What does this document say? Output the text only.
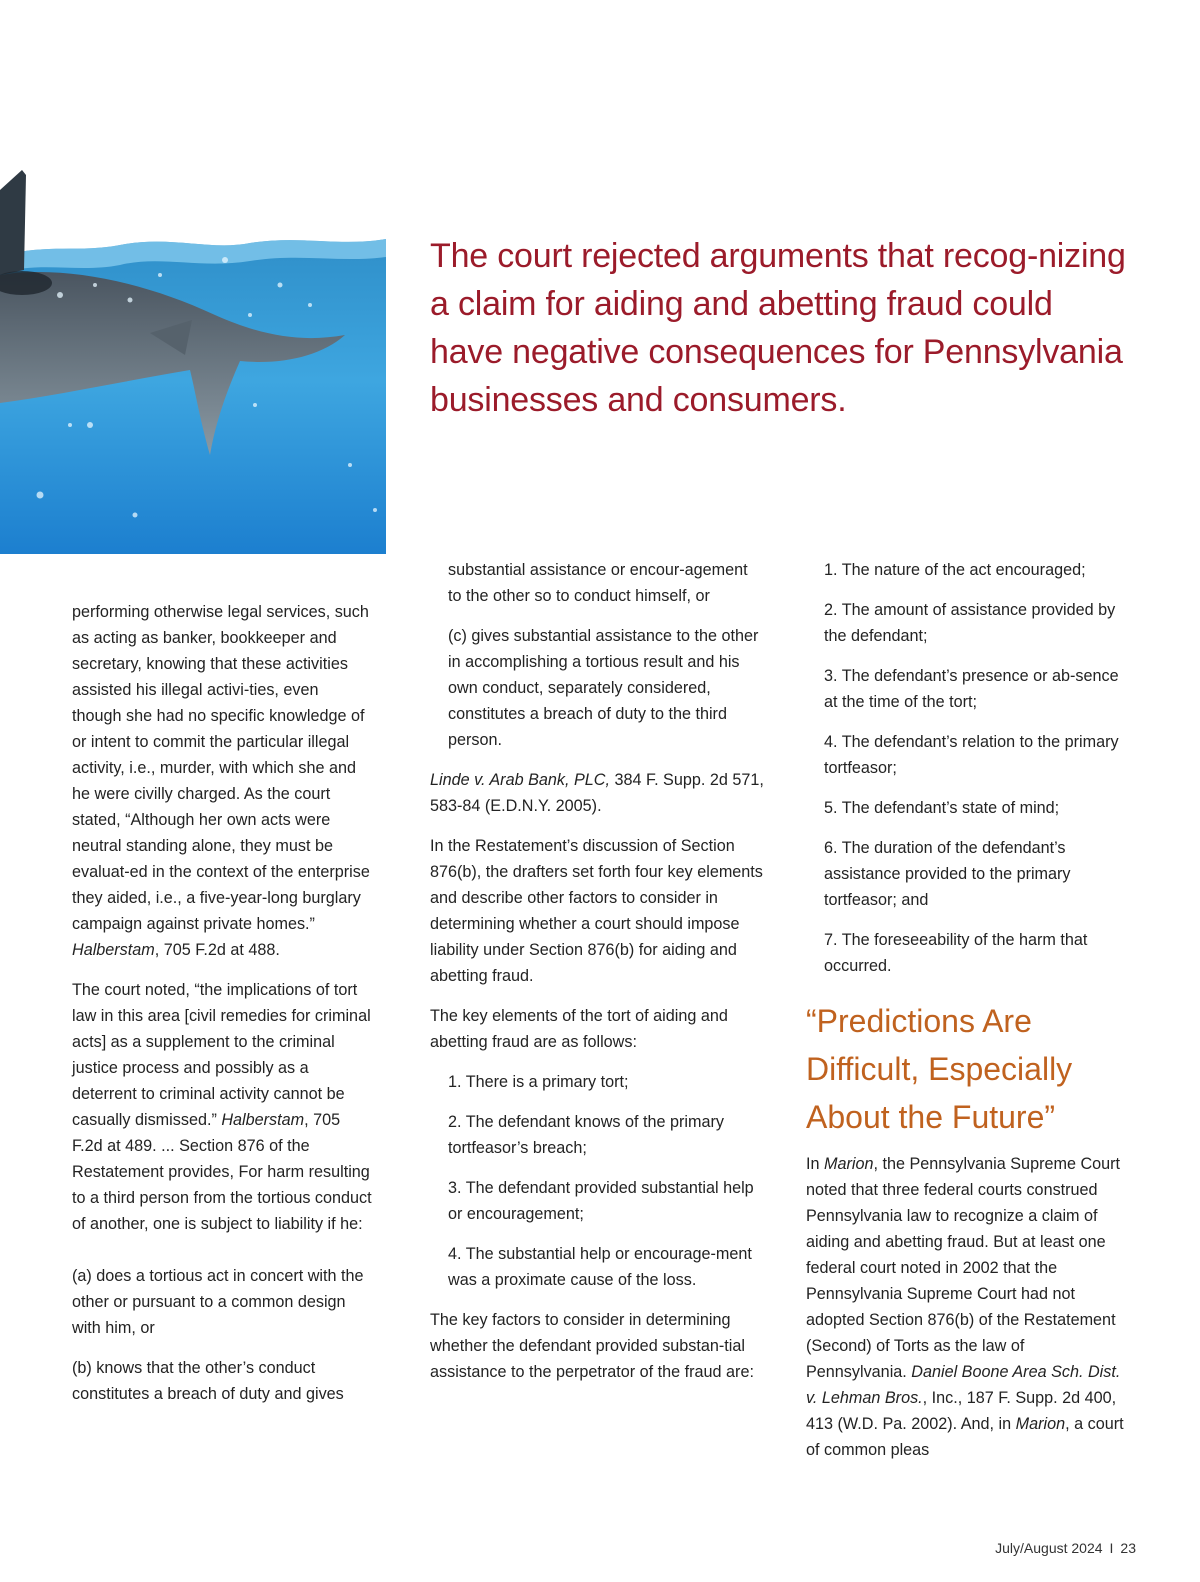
The court rejected arguments that recog-nizing a claim for aiding and abetting fraud could have negative consequences for Pennsylvania businesses and consumers.

performing otherwise legal services, such as acting as banker, bookkeeper and secretary, knowing that these activities assisted his illegal activi-ties, even though she had no specific knowledge of or intent to commit the particular illegal activity, i.e., murder, with which she and he were civilly charged. As the court stated, “Although her own acts were neutral standing alone, they must be evaluat-ed in the context of the enterprise they aided, i.e., a five-year-long burglary campaign against private homes.” Halberstam, 705 F.2d at 488.

The court noted, “the implications of tort law in this area [civil remedies for criminal acts] as a supplement to the criminal justice process and possibly as a deterrent to criminal activity cannot be casually dismissed.” Halberstam, 705 F.2d at 489. ... Section 876 of the Restatement provides, For harm resulting to a third person from the tortious conduct of another, one is subject to liability if he:

(a) does a tortious act in concert with the other or pursuant to a common design with him, or

(b) knows that the other’s conduct constitutes a breach of duty and gives

substantial assistance or encour-agement to the other so to conduct himself, or

(c) gives substantial assistance to the other in accomplishing a tortious result and his own conduct, separately considered, constitutes a breach of duty to the third person.

Linde v. Arab Bank, PLC, 384 F. Supp. 2d 571, 583-84 (E.D.N.Y. 2005).

In the Restatement’s discussion of Section 876(b), the drafters set forth four key elements and describe other factors to consider in determining whether a court should impose liability under Section 876(b) for aiding and abetting fraud.

The key elements of the tort of aiding and abetting fraud are as follows:

1. There is a primary tort;

2. The defendant knows of the primary tortfeasor’s breach;

3. The defendant provided substantial help or encouragement;

4. The substantial help or encourage-ment was a proximate cause of the loss.

The key factors to consider in determining whether the defendant provided substan-tial assistance to the perpetrator of the fraud are:

1. The nature of the act encouraged;

2. The amount of assistance provided by the defendant;

3. The defendant’s presence or ab-sence at the time of the tort;

4. The defendant’s relation to the primary tortfeasor;

5. The defendant’s state of mind;

6. The duration of the defendant’s assistance provided to the primary tortfeasor; and

7. The foreseeability of the harm that occurred.

“Predictions Are Difficult, Especially About the Future”

In Marion, the Pennsylvania Supreme Court noted that three federal courts construed Pennsylvania law to recognize a claim of aiding and abetting fraud. But at least one federal court noted in 2002 that the Pennsylvania Supreme Court had not adopted Section 876(b) of the Restatement (Second) of Torts as the law of Pennsylvania. Daniel Boone Area Sch. Dist. v. Lehman Bros., Inc., 187 F. Supp. 2d 400, 413 (W.D. Pa. 2002). And, in Marion, a court of common pleas

July/August 2024 I 23
